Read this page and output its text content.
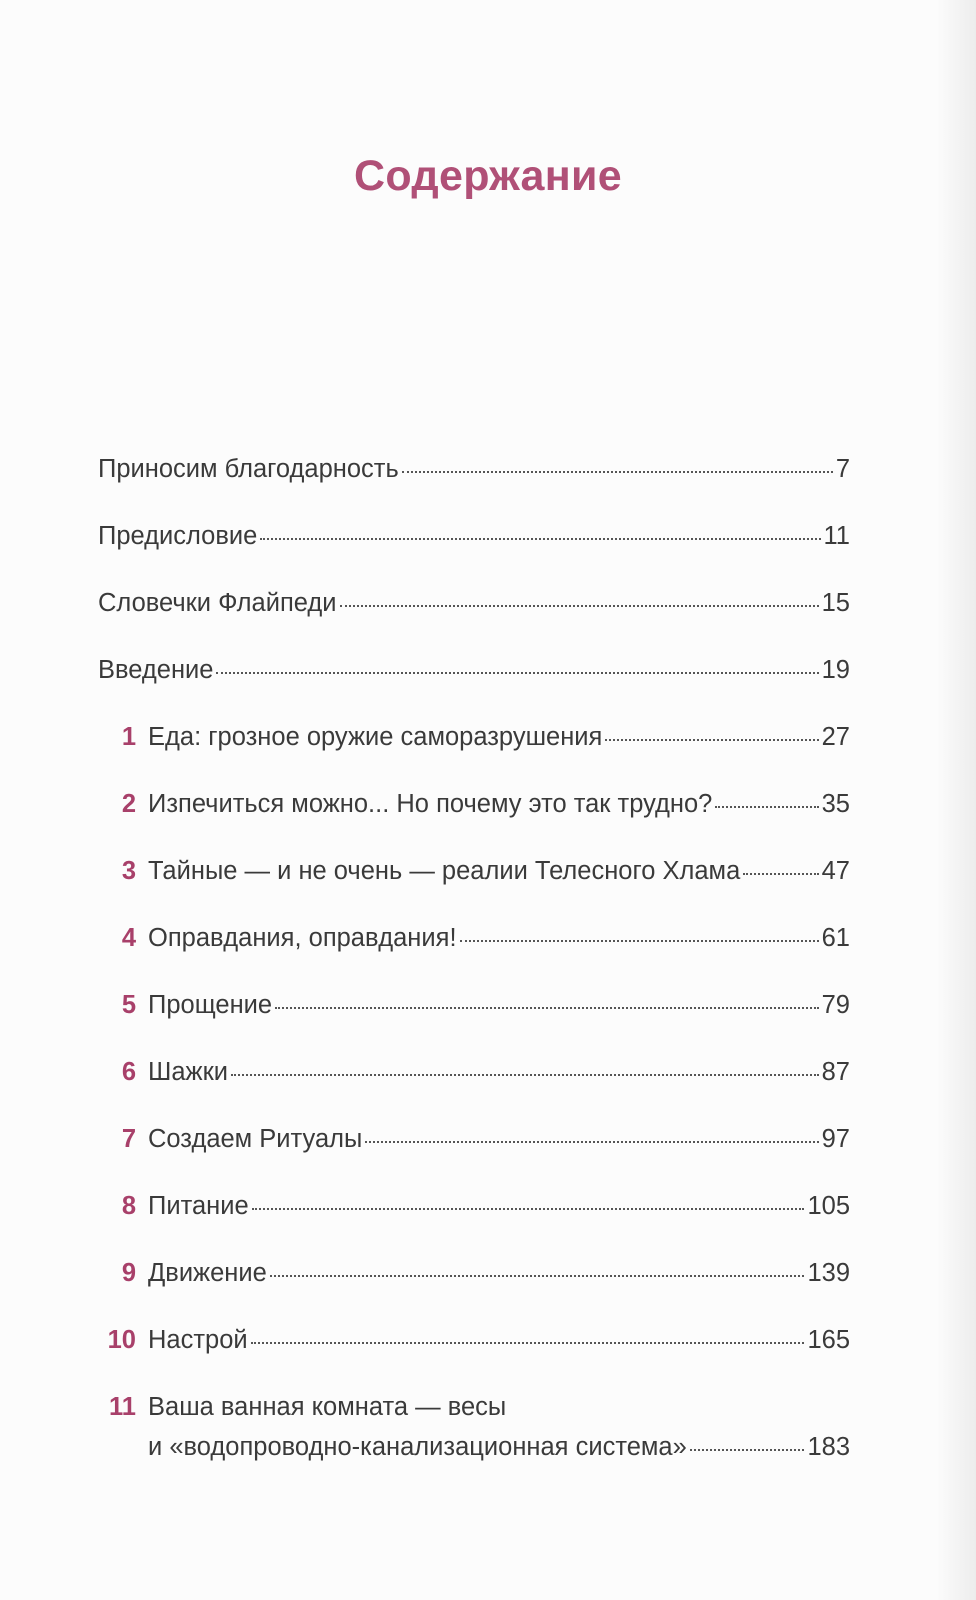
Содержание
Приносим благодарность	7
Предисловие	11
Словечки Флайпеди	15
Введение	19
1 Еда: грозное оружие саморазрушения	27
2 Изпечиться можно... Но почему это так трудно?	35
3 Тайные — и не очень — реалии Телесного Хлама	47
4 Оправдания, оправдания!	61
5 Прощение	79
6 Шажки	87
7 Создаем Ритуалы	97
8 Питание	105
9 Движение	139
10 Настрой	165
11 Ваша ванная комната — весы
и «водопроводно-канализационная система»	183
